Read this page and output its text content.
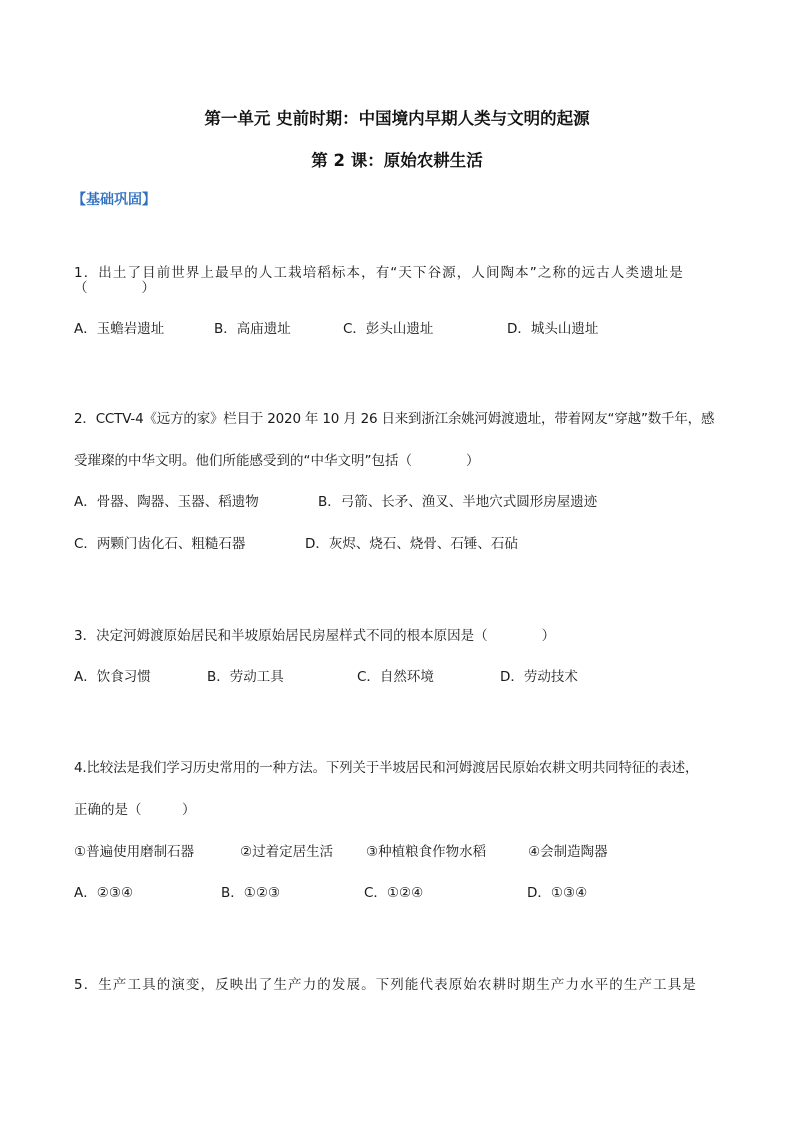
第一单元 史前时期：中国境内早期人类与文明的起源
第 2 课：原始农耕生活
【基础巩固】
1．出土了目前世界上最早的人工栽培稻标本，有“天下谷源，人间陶本”之称的远古人类遗址是
（　　　　）
A．玉蟾岩遗址	B．高庙遗址	C．彭头山遗址	D．城头山遗址
2．CCTV-4《远方的家》栏目于 2020 年 10 月 26 日来到浙江余姚河姆渡遗址，带着网友“穿越”数千年，感
受璀璨的中华文明。他们所能感受到的“中华文明”包括（　　　　）
A．骨器、陶器、玉器、稻遗物	B．弓箭、长矛、渔叉、半地穴式圆形房屋遗迹
C．两颗门齿化石、粗糙石器	D．灰烬、烧石、烧骨、石锤、石砧
3．决定河姆渡原始居民和半坡原始居民房屋样式不同的根本原因是（　　　　）
A．饮食习惯	B．劳动工具	C．自然环境	D．劳动技术
4.比较法是我们学习历史常用的一种方法。下列关于半坡居民和河姆渡居民原始农耕文明共同特征的表述，
正确的是（　　　）
①普遍使用磨制石器	②过着定居生活 ③种植粮食作物水稻	④会制造陶器
A．②③④	B．①②③	C．①②④	D．①③④
5．生产工具的演变，反映出了生产力的发展。下列能代表原始农耕时期生产力水平的生产工具是
